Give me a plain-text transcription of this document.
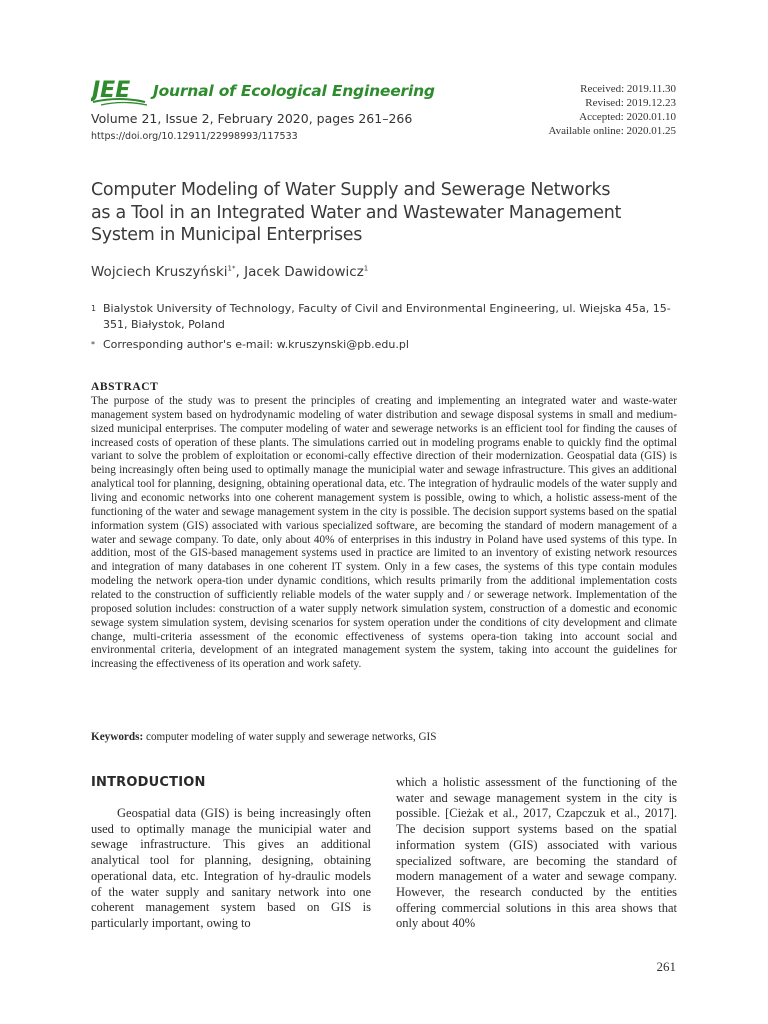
JEE Journal of Ecological Engineering
Volume 21, Issue 2, February 2020, pages 261–266
https://doi.org/10.12911/22998993/117533
Received: 2019.11.30
Revised: 2019.12.23
Accepted: 2020.01.10
Available online: 2020.01.25
Computer Modeling of Water Supply and Sewerage Networks
as a Tool in an Integrated Water and Wastewater Management
System in Municipal Enterprises
Wojciech Kruszyński$^{1*}$, Jacek Dawidowicz$^1$
1 Bialystok University of Technology, Faculty of Civil and Environmental Engineering, ul. Wiejska 45a, 15-351, Białystok, Poland
* Corresponding author's e-mail: w.kruszynski@pb.edu.pl
ABSTRACT
The purpose of the study was to present the principles of creating and implementing an integrated water and waste-water management system based on hydrodynamic modeling of water distribution and sewage disposal systems in small and medium-sized municipal enterprises. The computer modeling of water and sewerage networks is an efficient tool for finding the causes of increased costs of operation of these plants. The simulations carried out in modeling programs enable to quickly find the optimal variant to solve the problem of exploitation or economi-cally effective direction of their modernization. Geospatial data (GIS) is being increasingly often being used to optimally manage the municipial water and sewage infrastructure. This gives an additional analytical tool for planning, designing, obtaining operational data, etc. The integration of hydraulic models of the water supply and living and economic networks into one coherent management system is possible, owing to which, a holistic assess-ment of the functioning of the water and sewage management system in the city is possible. The decision support systems based on the spatial information system (GIS) associated with various specialized software, are becoming the standard of modern management of a water and sewage company. To date, only about 40% of enterprises in this industry in Poland have used systems of this type. In addition, most of the GIS-based management systems used in practice are limited to an inventory of existing network resources and integration of many databases in one coherent IT system. Only in a few cases, the systems of this type contain modules modeling the network opera-tion under dynamic conditions, which results primarily from the additional implementation costs related to the construction of sufficiently reliable models of the water supply and / or sewerage network. Implementation of the proposed solution includes: construction of a water supply network simulation system, construction of a domestic and economic sewage system simulation system, devising scenarios for system operation under the conditions of city development and climate change, multi-criteria assessment of the economic effectiveness of systems opera-tion taking into account social and environmental criteria, development of an integrated management system the system, taking into account the guidelines for increasing the effectiveness of its operation and work safety.
Keywords: computer modeling of water supply and sewerage networks, GIS
INTRODUCTION
Geospatial data (GIS) is being increasingly often used to optimally manage the municipial water and sewage infrastructure. This gives an additional analytical tool for planning, designing, obtaining operational data, etc. Integration of hy-draulic models of the water supply and sanitary network into one coherent management system based on GIS is particularly important, owing to
which a holistic assessment of the functioning of the water and sewage management system in the city is possible. [Cieżak et al., 2017, Czapczuk et al., 2017]. The decision support systems based on the spatial information system (GIS) associated with various specialized software, are becoming the standard of modern management of a water and sewage company. However, the research conducted by the entities offering commercial solutions in this area shows that only about 40%
261
